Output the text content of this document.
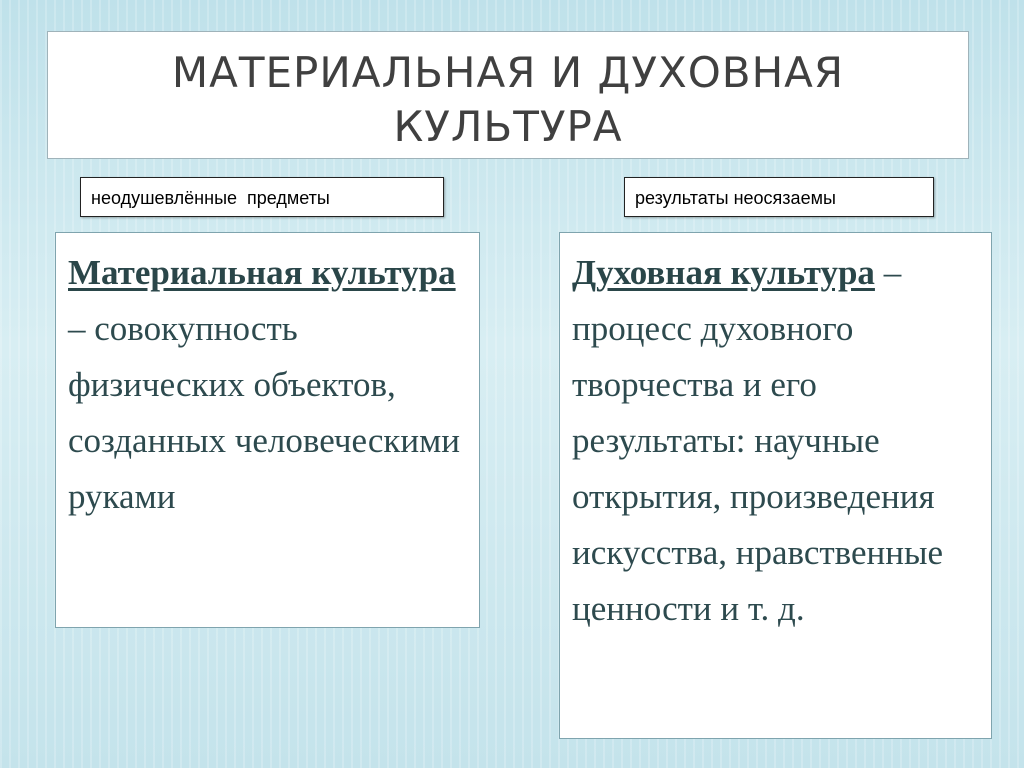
МАТЕРИАЛЬНАЯ И ДУХОВНАЯ
КУЛЬТУРА
неодушевлённые  предметы	результаты неосязаемы
Материальная культура – совокупность физических объектов, созданных человеческими руками
Духовная культура – процесс духовного творчества и его результаты: научные открытия, произведения искусства, нравственные ценности и т. д.
